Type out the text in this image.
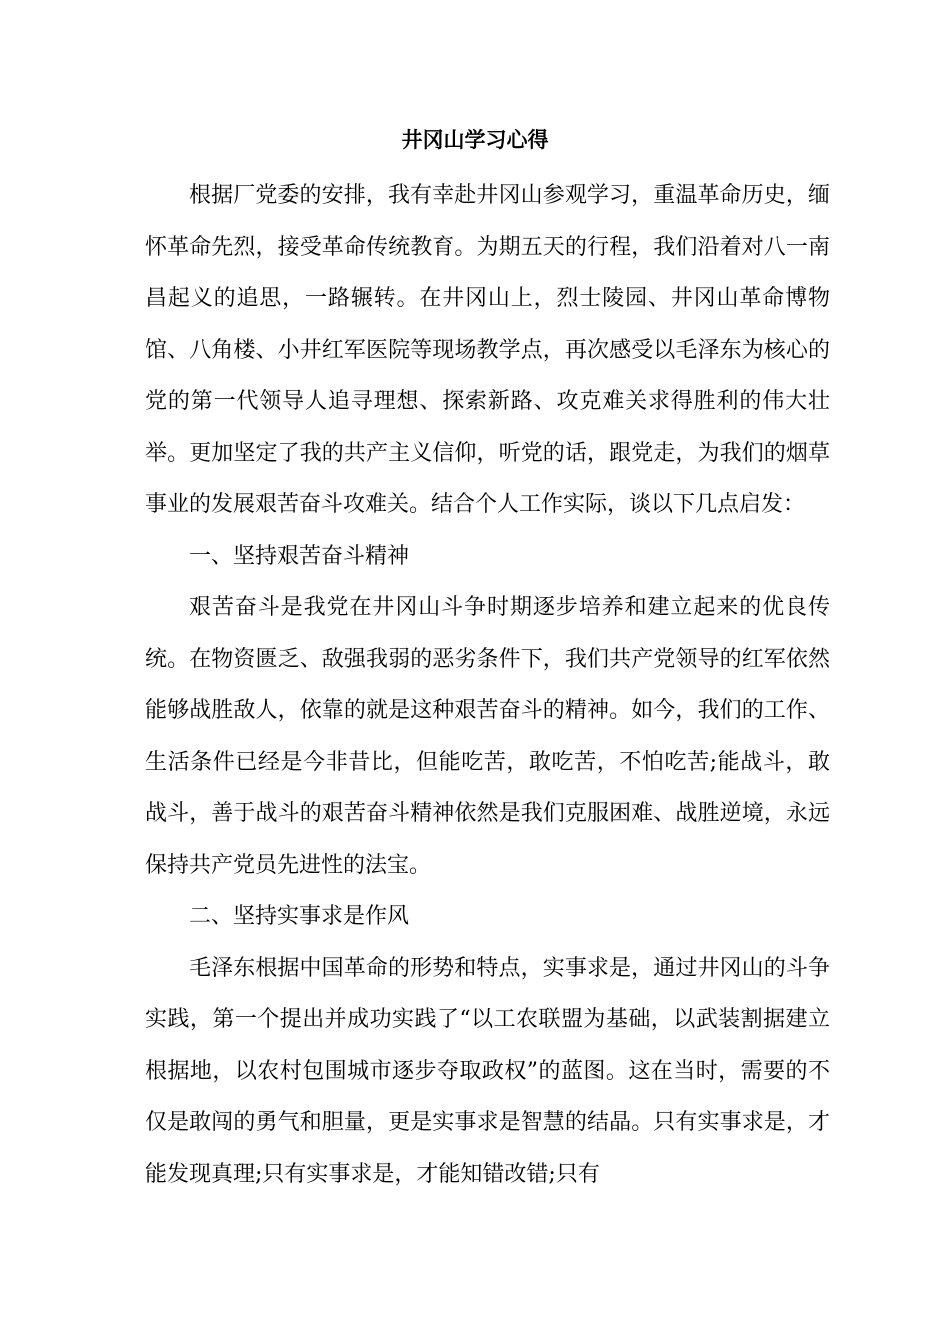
井冈山学习心得

根据厂党委的安排，我有幸赴井冈山参观学习，重温革命历史，缅怀革命先烈，接受革命传统教育。为期五天的行程，我们沿着对八一南昌起义的追思，一路辗转。在井冈山上，烈士陵园、井冈山革命博物馆、八角楼、小井红军医院等现场教学点，再次感受以毛泽东为核心的党的第一代领导人追寻理想、探索新路、攻克难关求得胜利的伟大壮举。更加坚定了我的共产主义信仰，听党的话，跟党走，为我们的烟草事业的发展艰苦奋斗攻难关。结合个人工作实际，谈以下几点启发：

一、坚持艰苦奋斗精神

艰苦奋斗是我党在井冈山斗争时期逐步培养和建立起来的优良传统。在物资匮乏、敌强我弱的恶劣条件下，我们共产党领导的红军依然能够战胜敌人，依靠的就是这种艰苦奋斗的精神。如今，我们的工作、生活条件已经是今非昔比，但能吃苦，敢吃苦，不怕吃苦;能战斗，敢战斗，善于战斗的艰苦奋斗精神依然是我们克服困难、战胜逆境，永远保持共产党员先进性的法宝。

二、坚持实事求是作风

毛泽东根据中国革命的形势和特点，实事求是，通过井冈山的斗争实践，第一个提出并成功实践了“以工农联盟为基础，以武装割据建立根据地，以农村包围城市逐步夺取政权”的蓝图。这在当时，需要的不仅是敢闯的勇气和胆量，更是实事求是智慧的结晶。只有实事求是，才能发现真理;只有实事求是，才能知错改错;只有
